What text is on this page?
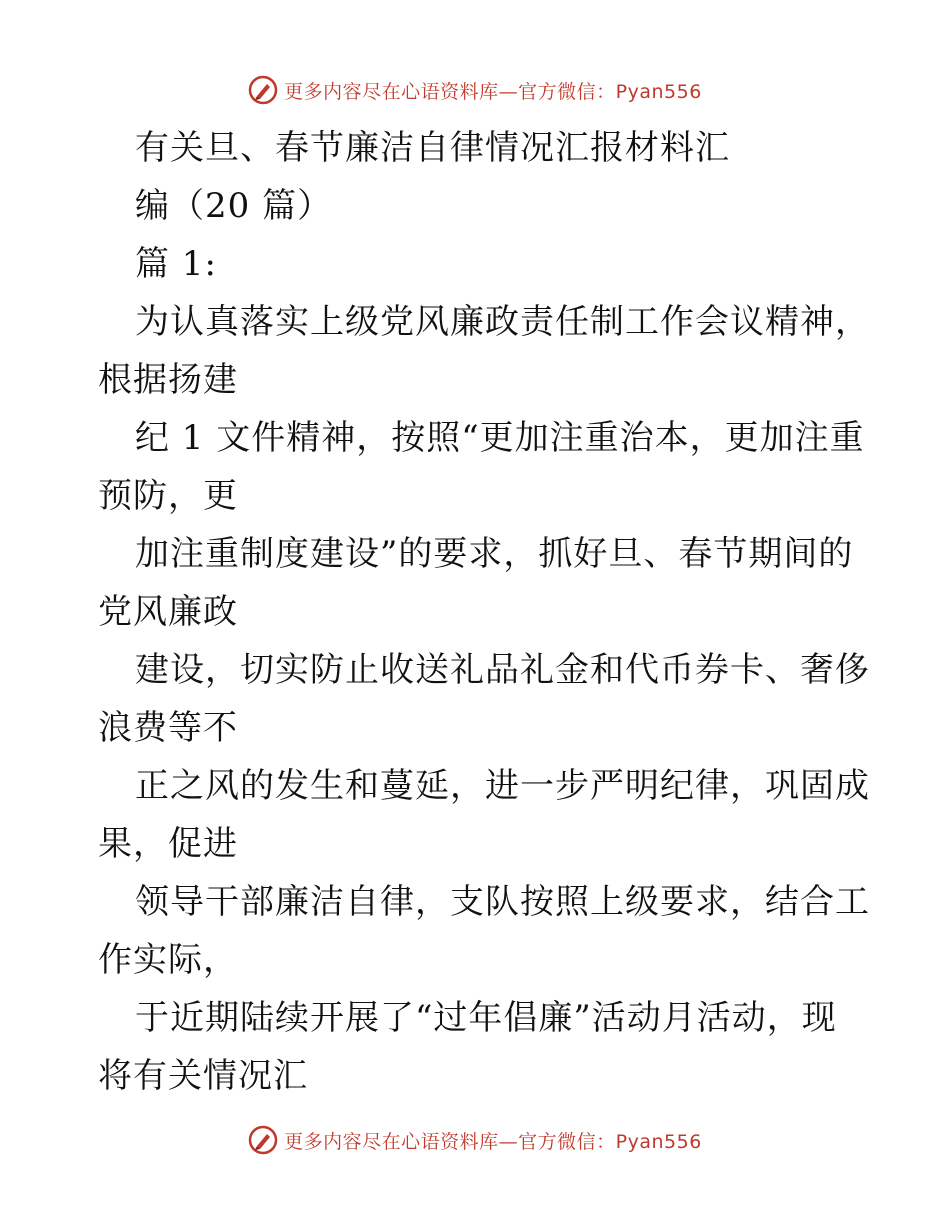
更多内容尽在心语资料库—官方微信：Pyan556
有关旦、春节廉洁自律情况汇报材料汇
编（20 篇）
篇 1:
为认真落实上级党风廉政责任制工作会议精神，
根据扬建
纪 1 文件精神，按照“更加注重治本，更加注重
预防，更
加注重制度建设”的要求，抓好旦、春节期间的
党风廉政
建设，切实防止收送礼品礼金和代币券卡、奢侈
浪费等不
正之风的发生和蔓延，进一步严明纪律，巩固成
果，促进
领导干部廉洁自律，支队按照上级要求，结合工
作实际，
于近期陆续开展了“过年倡廉”活动月活动，现
将有关情况汇
更多内容尽在心语资料库—官方微信：Pyan556
